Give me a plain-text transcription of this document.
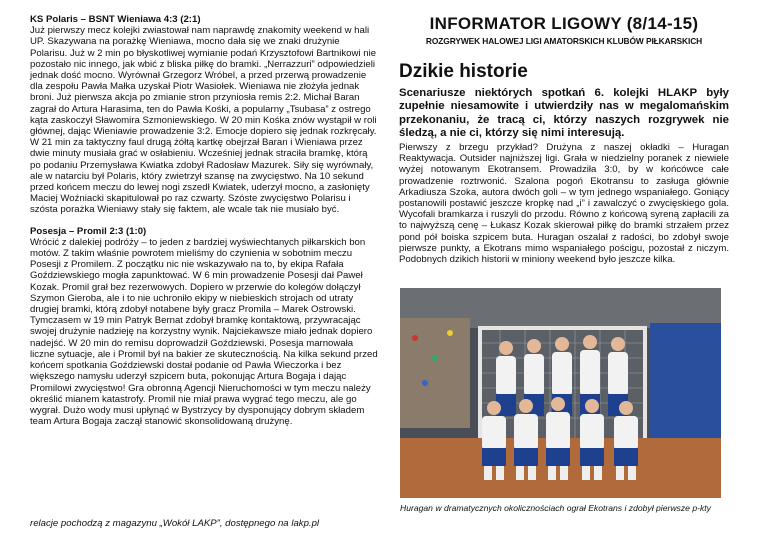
KS Polaris – BSNT Wieniawa 4:3 (2:1)

Już pierwszy mecz kolejki zwiastował nam naprawdę znakomity weekend w hali UP. Skazywana na porażkę Wieniawa, mocno dała się we znaki drużynie Polarisu. Już w 2 min po błyskotliwej wymianie podań Krzysztofowi Bartnikowi nie pozostało nic innego, jak wbić z bliska piłkę do bramki. „Nerrazzuri” odpowiedzieli jednak dość mocno. Wyrównał Grzegorz Wróbel, a przed przerwą prowadzenie dla zespołu Pawła Małka uzyskał Piotr Wasiołek. Wieniawa nie złożyła jednak broni. Już pierwsza akcja po zmianie stron przyniosła remis 2:2. Michał Baran zagrał do Artura Harasima, ten do Pawła Kośki, a popularny „Tsubasa” z ostrego kąta zaskoczył Sławomira Szmoniewskiego. W 20 min Kośka znów wystąpił w roli głównej, dając Wieniawie prowadzenie 3:2. Emocje dopiero się jednak rozkręcały. W 21 min za taktyczny faul drugą żółtą kartkę obejrzał Baran i Wieniawa przez dwie minuty musiała grać w osłabieniu. Wcześniej jednak straciła bramkę, którą po podaniu Przemysława Kwiatka zdobył Radosław Mazurek. Siły się wyrównały, ale w natarciu był Polaris, który zwietrzył szansę na zwycięstwo. Na 10 sekund przed końcem meczu do lewej nogi zszedł Kwiatek, uderzył mocno, a zasłonięty Maciej Woźniacki skapitulował po raz czwarty. Szóste zwycięstwo Polarisu i szósta porażka Wieniawy stały się faktem, ale wcale tak nie musiało być.

Posesja – Promil 2:3 (1:0)

Wrócić z dalekiej podróży – to jeden z bardziej wyświechtanych piłkarskich bon motów. Z takim właśnie powrotem mieliśmy do czynienia w sobotnim meczu Posesji z Promilem. Z początku nic nie wskazywało na to, by ekipa Rafała Goździewskiego mogła zapunktować. W 6 min prowadzenie Posesji dał Paweł Kozak. Promil grał bez rezerwowych. Dopiero w przerwie do kolegów dołączył Szymon Gieroba, ale i to nie uchroniło ekipy w niebieskich strojach od utraty drugiej bramki, którą zdobył notabene były gracz Promila – Marek Ostrowski. Tymczasem w 19 min Patryk Bernat zdobył bramkę kontaktową, przywracając swojej drużynie nadzieję na korzystny wynik. Najciekawsze miało jednak dopiero nadejść. W 20 min do remisu doprowadził Goździewski. Posesja marnowała liczne sytuacje, ale i Promil był na bakier ze skutecznością. Na kilka sekund przed końcem spotkania Goździewski dostał podanie od Pawła Wieczorka i bez większego namysłu uderzył szpicem buta, pokonując Artura Bogaja i dając Promilowi zwycięstwo! Gra obronną Agencji Nieruchomości w tym meczu należy określić mianem katastrofy. Promil nie miał prawa wygrać tego meczu, ale go wygrał. Dużo wody musi upłynąć w Bystrzycy by dysponujący dobrym składem team Artura Bogaja zaczął stanowić skonsolidowaną drużynę.

relacje pochodzą z magazynu „Wokół LAKP”, dostępnego na lakp.pl

INFORMATOR LIGOWY (8/14-15)

ROZGRYWEK HALOWEJ LIGI AMATORSKICH KLUBÓW PIŁKARSKICH

Dzikie historie

Scenariusze niektórych spotkań 6. kolejki HLAKP były zupełnie niesamowite i utwierdziły nas w megalomańskim przekonaniu, że tracą ci, którzy naszych rozgrywek nie śledzą, a nie ci, którzy się nimi interesują.

Pierwszy z brzegu przykład? Drużyna z naszej okładki – Huragan Reaktywacja. Outsider najniższej ligi. Grała w niedzielny poranek z niewiele wyżej notowanym Ekotransem. Prowadziła 3:0, by w końcówce całe prowadzenie roztrwonić. Szalona pogoń Ekotransu to zasługa głównie Arkadiusza Szoka, autora dwóch goli – w tym jednego wspaniałego. Goniący postanowili postawić jeszcze kropkę nad „i” i zawalczyć o zwycięskiego gola. Wycofali bramkarza i ruszyli do przodu. Równo z końcową syreną zapłacili za to najwyższą cenę – Łukasz Kozak skierował piłkę do bramki strzałem przez pond pół boiska szpicem buta. Huragan oszalał z radości, bo zdobył swoje pierwsze punkty, a Ekotrans mimo wspaniałego pościgu, pozostał z niczym. Podobnych dzikich historii w miniony weekend było jeszcze kilka.

Huragan w dramatycznych okolicznościach ograł Ekotrans i zdobył pierwsze p-kty
